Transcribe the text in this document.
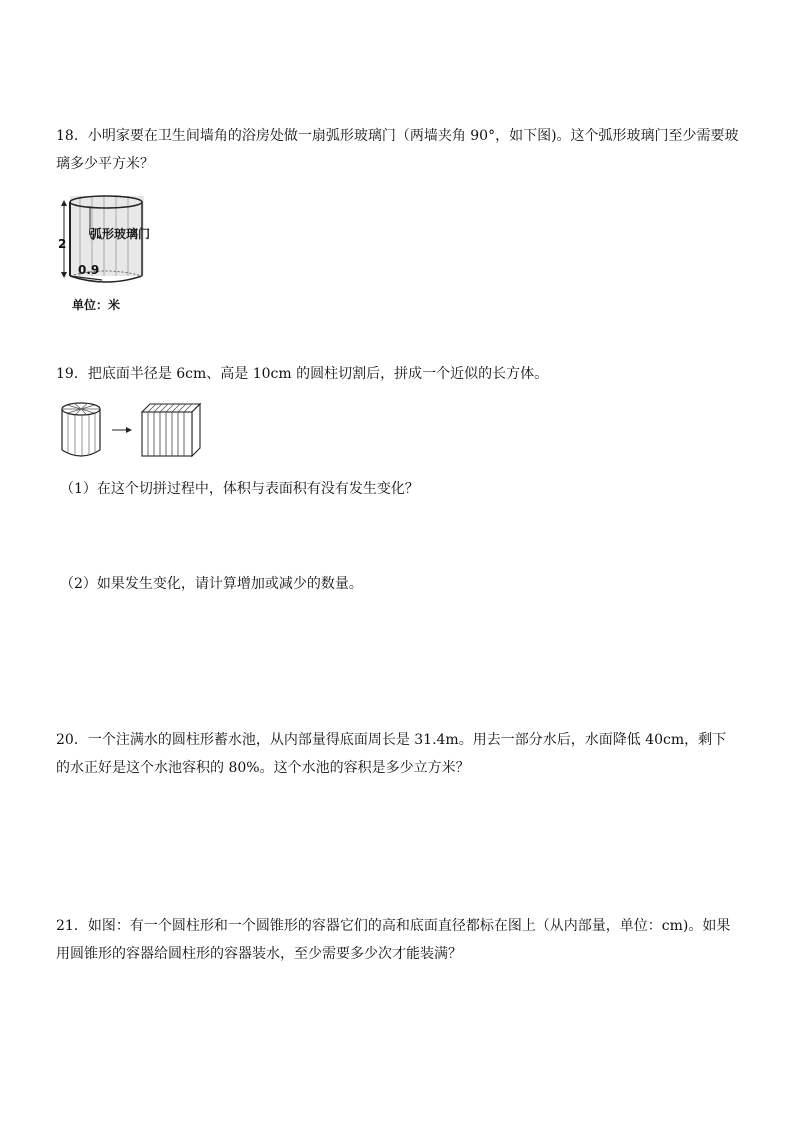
18．小明家要在卫生间墙角的浴房处做一扇弧形玻璃门（两墙夹角 90°，如下图)。这个弧形玻璃门至少需要玻璃多少平方米？

2
0.9
弧形玻璃门
单位：米

19．把底面半径是 6cm、高是 10cm 的圆柱切割后，拼成一个近似的长方体。

（1）在这个切拼过程中，体积与表面积有没有发生变化？

（2）如果发生变化，请计算增加或减少的数量。

20．一个注满水的圆柱形蓄水池，从内部量得底面周长是 31.4m。用去一部分水后，水面降低 40cm，剩下的水正好是这个水池容积的 80%。这个水池的容积是多少立方米？

21．如图：有一个圆柱形和一个圆锥形的容器它们的高和底面直径都标在图上（从内部量，单位：cm)。如果用圆锥形的容器给圆柱形的容器装水，至少需要多少次才能装满？
